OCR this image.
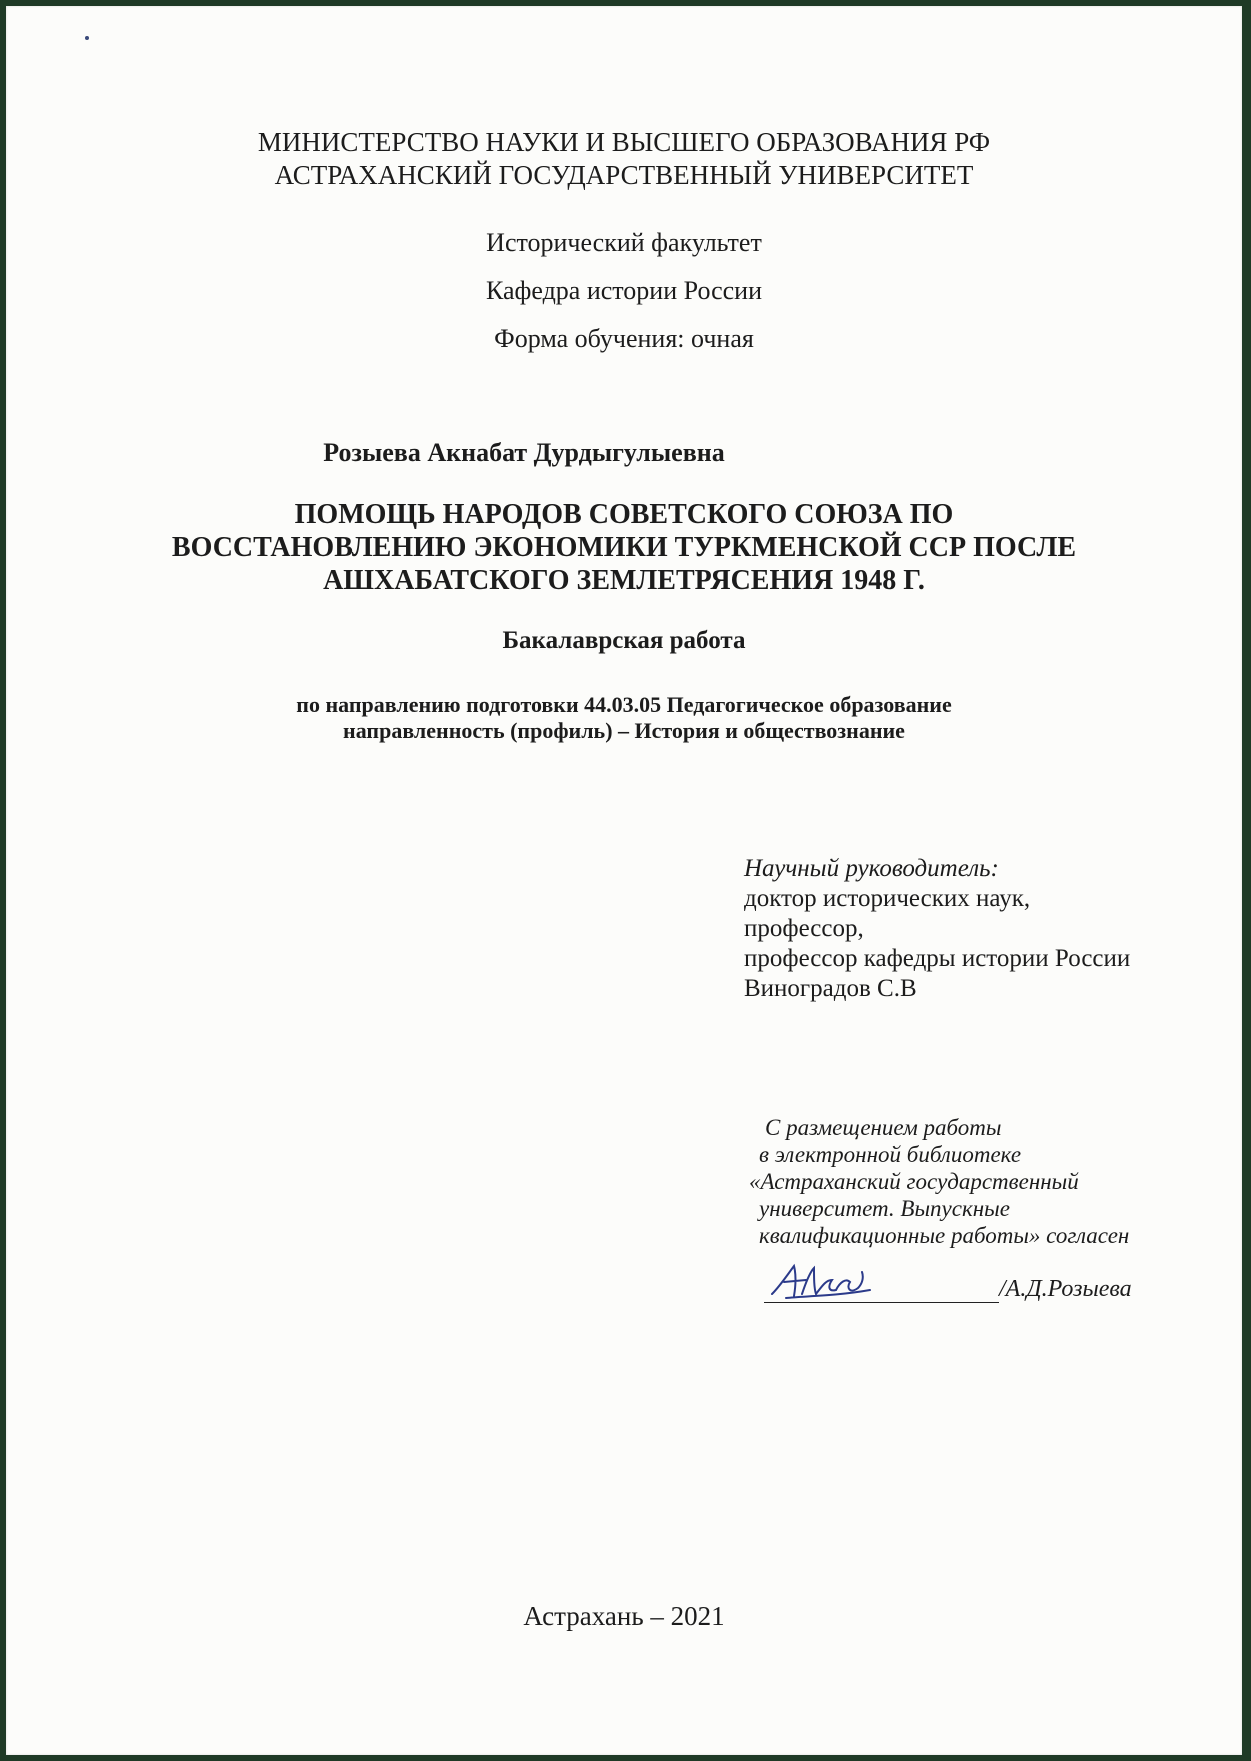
МИНИСТЕРСТВО НАУКИ И ВЫСШЕГО ОБРАЗОВАНИЯ РФ
АСТРАХАНСКИЙ ГОСУДАРСТВЕННЫЙ УНИВЕРСИТЕТ

Исторический факультет

Кафедра истории России

Форма обучения: очная

Розыева Акнабат Дурдыгулыевна

ПОМОЩЬ НАРОДОВ СОВЕТСКОГО СОЮЗА ПО
ВОССТАНОВЛЕНИЮ ЭКОНОМИКИ ТУРКМЕНСКОЙ ССР ПОСЛЕ
АШХАБАТСКОГО ЗЕМЛЕТРЯСЕНИЯ 1948 Г.

Бакалаврская работа

по направлению подготовки 44.03.05 Педагогическое образование
направленность (профиль) – История и обществознание

Научный руководитель:
доктор исторических наук,
профессор,
профессор кафедры истории России
Виноградов С.В
С размещением работы
в электронной библиотеке
«Астраханский государственный
университет. Выпускные
квалификационные работы» согласен
/А.Д.Розыева

Астрахань – 2021
